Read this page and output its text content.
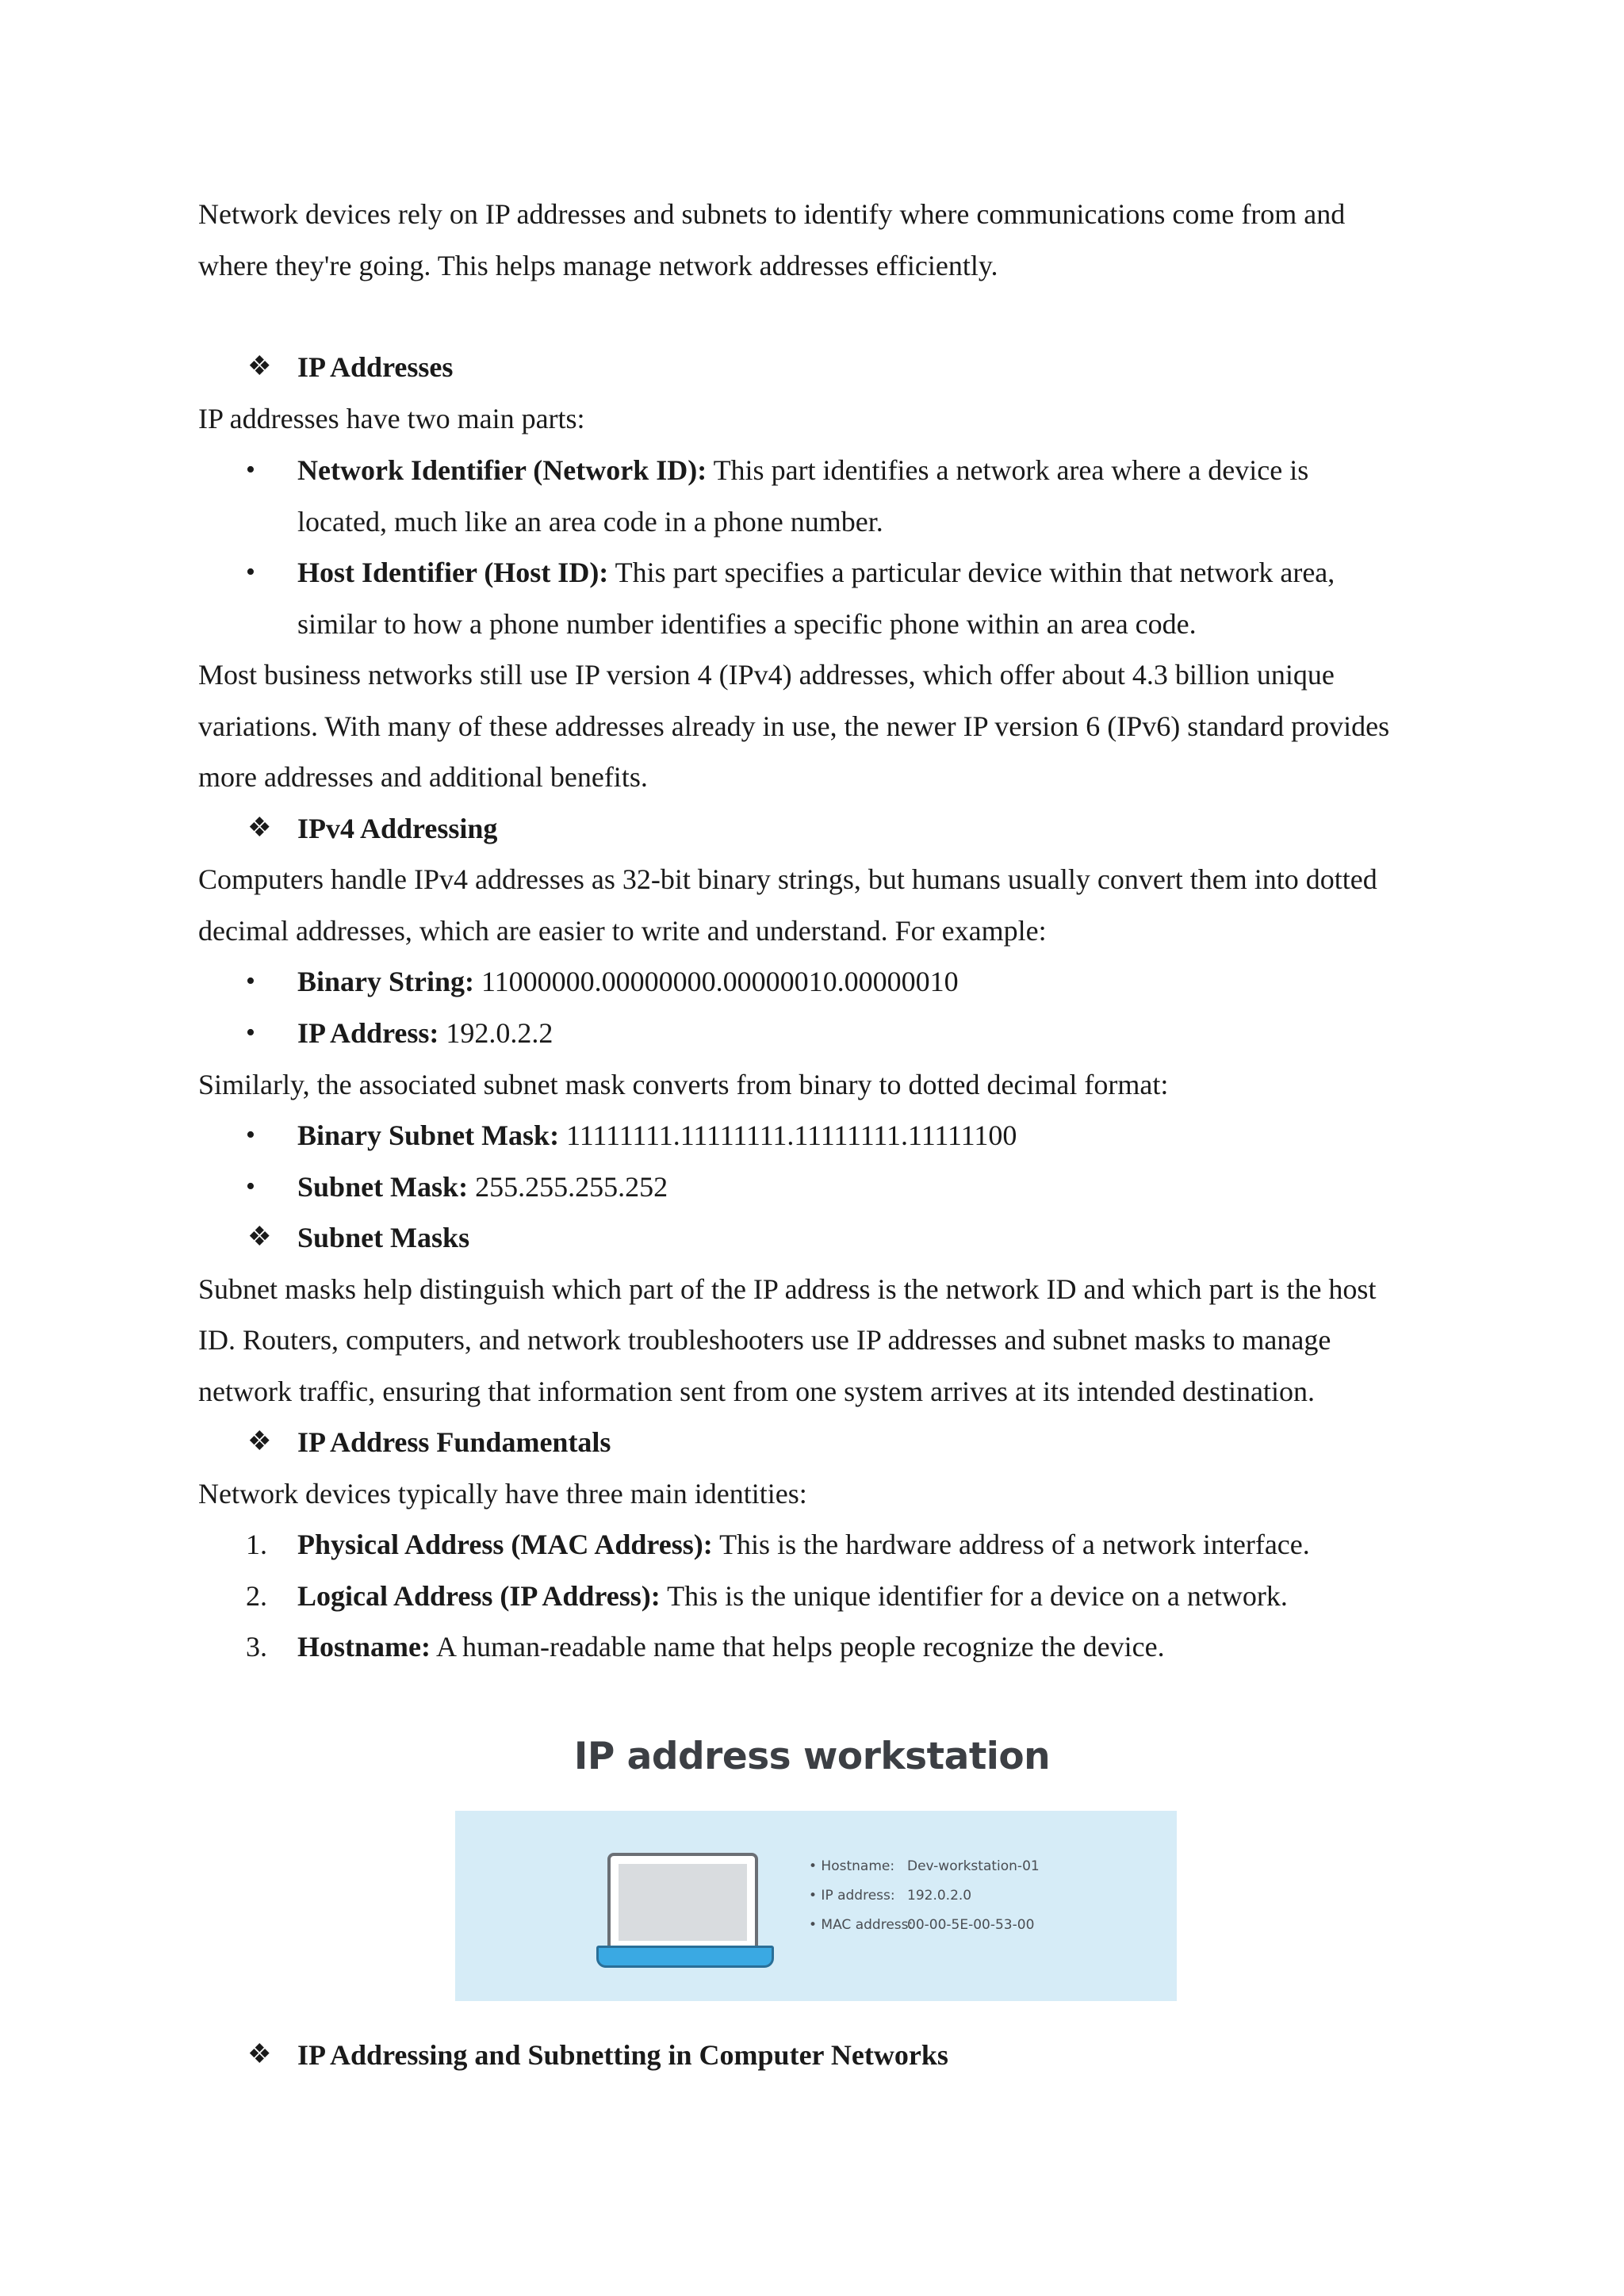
Network devices rely on IP addresses and subnets to identify where communications come from and
where they're going. This helps manage network addresses efficiently.
❖ IP Addresses
IP addresses have two main parts:
• Network Identifier (Network ID): This part identifies a network area where a device is
located, much like an area code in a phone number.
• Host Identifier (Host ID): This part specifies a particular device within that network area,
similar to how a phone number identifies a specific phone within an area code.
Most business networks still use IP version 4 (IPv4) addresses, which offer about 4.3 billion unique
variations. With many of these addresses already in use, the newer IP version 6 (IPv6) standard provides
more addresses and additional benefits.
❖ IPv4 Addressing
Computers handle IPv4 addresses as 32-bit binary strings, but humans usually convert them into dotted
decimal addresses, which are easier to write and understand. For example:
• Binary String: 11000000.00000000.00000010.00000010
• IP Address: 192.0.2.2
Similarly, the associated subnet mask converts from binary to dotted decimal format:
• Binary Subnet Mask: 11111111.11111111.11111111.11111100
• Subnet Mask: 255.255.255.252
❖ Subnet Masks
Subnet masks help distinguish which part of the IP address is the network ID and which part is the host
ID. Routers, computers, and network troubleshooters use IP addresses and subnet masks to manage
network traffic, ensuring that information sent from one system arrives at its intended destination.
❖ IP Address Fundamentals
Network devices typically have three main identities:
1. Physical Address (MAC Address): This is the hardware address of a network interface.
2. Logical Address (IP Address): This is the unique identifier for a device on a network.
3. Hostname: A human-readable name that helps people recognize the device.
IP address workstation
• Hostname: Dev-workstation-01
• IP address: 192.0.2.0
• MAC address:00-00-5E-00-53-00
❖ IP Addressing and Subnetting in Computer Networks
